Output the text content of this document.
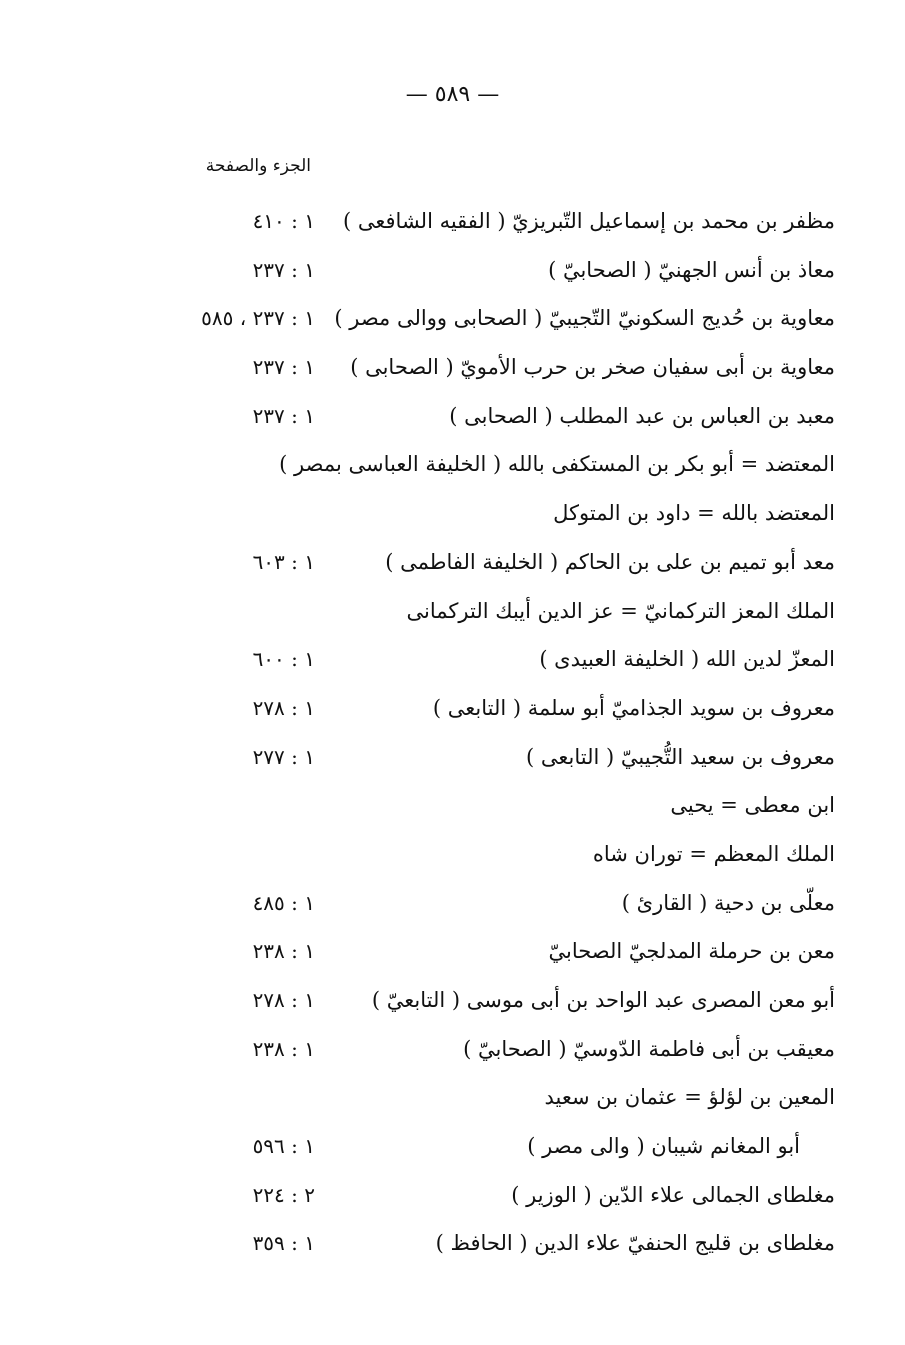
— ٥٨٩ —
الجزء والصفحة
مظفر بن محمد بن إسماعيل التّبريزيّ ( الفقيه الشافعى )
١ : ٤١٠
معاذ بن أنس الجهنيّ ( الصحابيّ )
١ : ٢٣٧
معاوية بن حُديج السكونيّ التّجيبيّ ( الصحابى ووالى مصر )
١ : ٢٣٧ ، ٥٨٥
معاوية بن أبى سفيان صخر بن حرب الأمويّ ( الصحابى )
١ : ٢٣٧
معبد بن العباس بن عبد المطلب ( الصحابى )
١ : ٢٣٧
المعتضد = أبو بكر بن المستكفى بالله ( الخليفة العباسى بمصر )
المعتضد بالله = داود بن المتوكل
معد أبو تميم بن على بن الحاكم ( الخليفة الفاطمى )
١ : ٦٠٣
الملك المعز التركمانيّ = عز الدين أيبك التركمانى
المعزّ لدين الله ( الخليفة العبيدى )
١ : ٦٠٠
معروف بن سويد الجذاميّ أبو سلمة ( التابعى )
١ : ٢٧٨
معروف بن سعيد التُّجيبيّ ( التابعى )
١ : ٢٧٧
ابن معطى = يحيى
الملك المعظم = توران شاه
معلّى بن دحية ( القارئ )
١ : ٤٨٥
معن بن حرملة المدلجيّ الصحابيّ
١ : ٢٣٨
أبو معن المصرى عبد الواحد بن أبى موسى ( التابعيّ )
١ : ٢٧٨
معيقب بن أبى فاطمة الدّوسيّ ( الصحابيّ )
١ : ٢٣٨
المعين بن لؤلؤ = عثمان بن سعيد
أبو المغانم شيبان ( والى مصر )
١ : ٥٩٦
مغلطاى الجمالى علاء الدّين ( الوزير )
٢ : ٢٢٤
مغلطاى بن قليج الحنفيّ علاء الدين ( الحافظ )
١ : ٣٥٩
